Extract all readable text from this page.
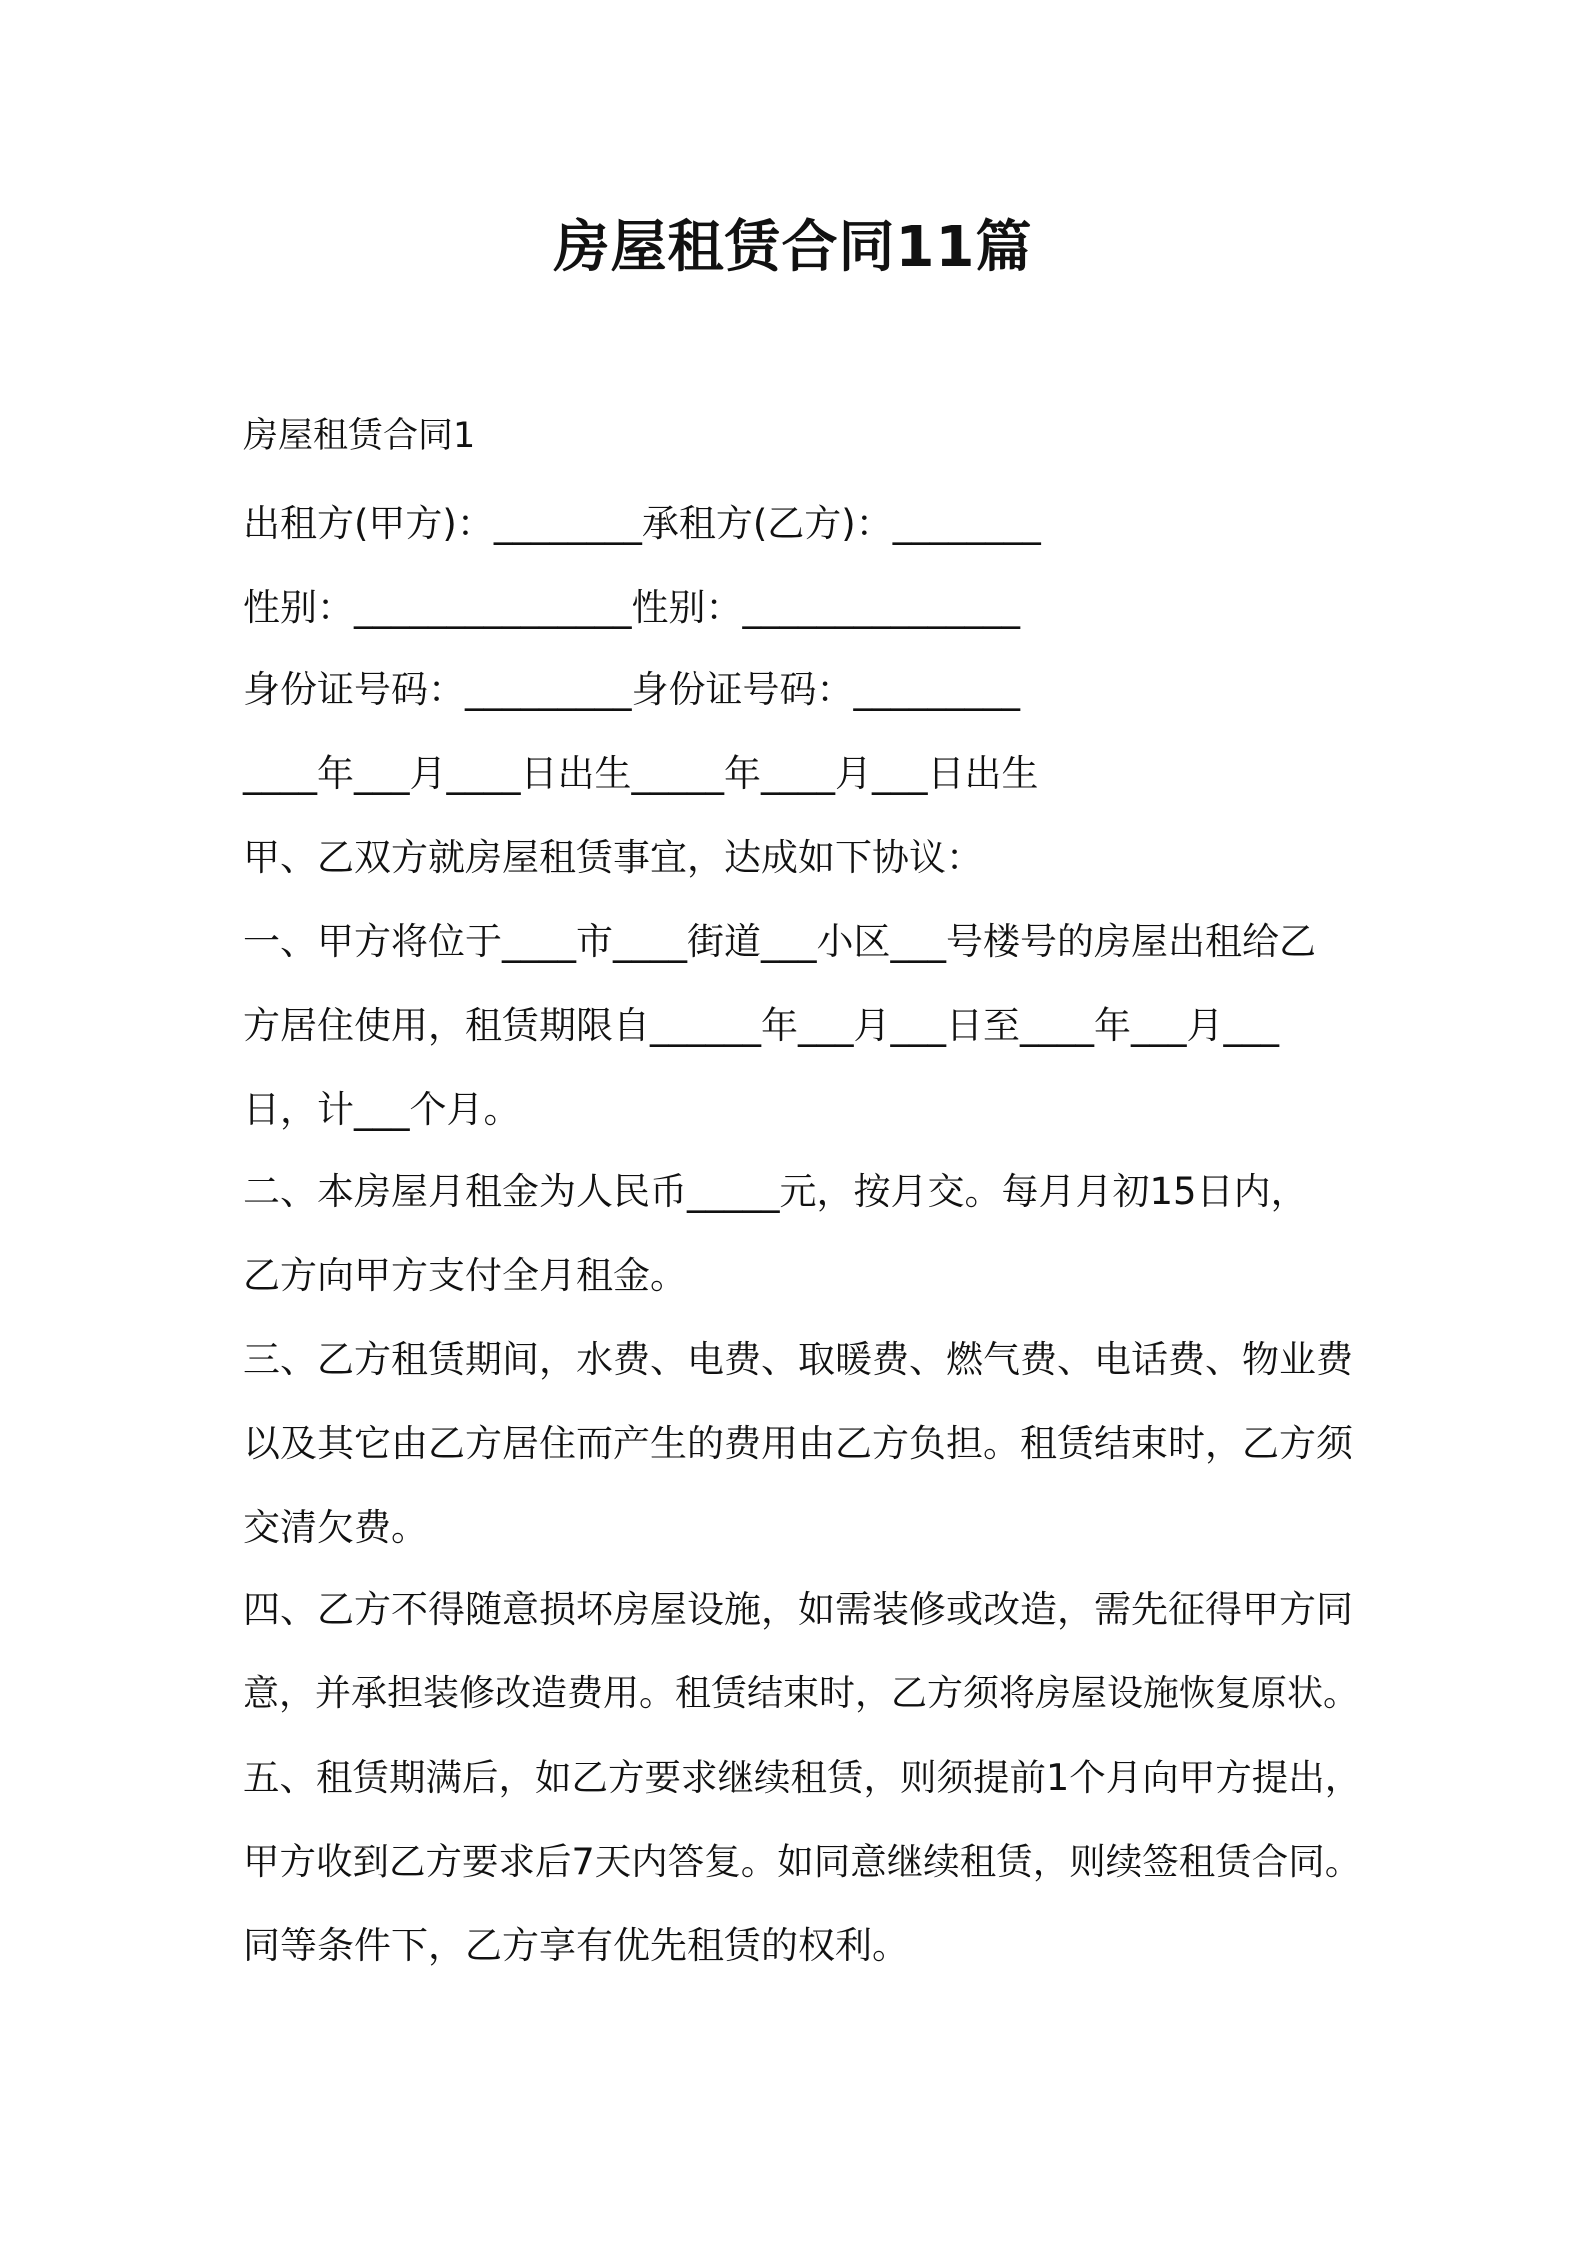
房屋租赁合同11篇

房屋租赁合同1

出租方(甲方)：________承租方(乙方)：________

性别：_______________性别：_______________

身份证号码：_________身份证号码：_________

____年___月____日出生_____年____月___日出生

甲、乙双方就房屋租赁事宜，达成如下协议：

一、甲方将位于____市____街道___小区___号楼号的房屋出租给乙

方居住使用，租赁期限自______年___月___日至____年___月___

日，计___个月。

二、本房屋月租金为人民币_____元，按月交。每月月初15日内，

乙方向甲方支付全月租金。

三、乙方租赁期间，水费、电费、取暖费、燃气费、电话费、物业费

以及其它由乙方居住而产生的费用由乙方负担。租赁结束时，乙方须

交清欠费。

四、乙方不得随意损坏房屋设施，如需装修或改造，需先征得甲方同

意，并承担装修改造费用。租赁结束时，乙方须将房屋设施恢复原状。

五、租赁期满后，如乙方要求继续租赁，则须提前1个月向甲方提出，

甲方收到乙方要求后7天内答复。如同意继续租赁，则续签租赁合同。

同等条件下，乙方享有优先租赁的权利。
